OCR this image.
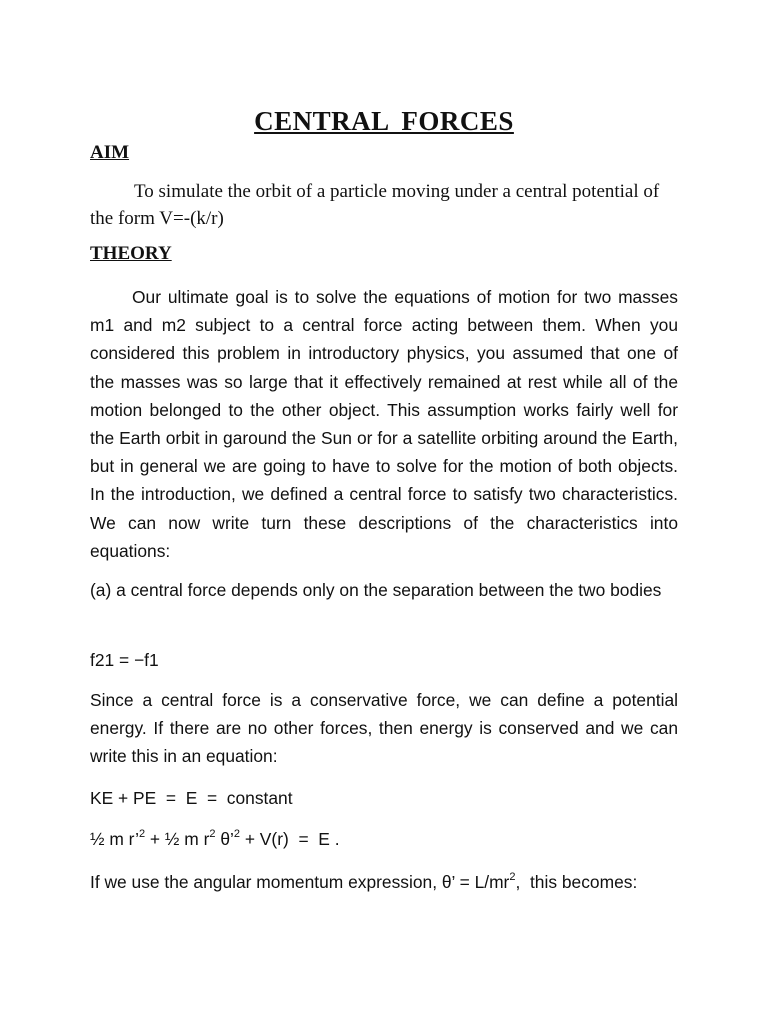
CENTRAL FORCES
AIM

To simulate the orbit of a particle moving under a central potential of the form V=-(k/r)

THEORY

Our ultimate goal is to solve the equations of motion for two masses m1 and m2 subject to a central force acting between them. When you considered this problem in introductory physics, you assumed that one of the masses was so large that it effectively remained at rest while all of the motion belonged to the other object. This assumption works fairly well for the Earth orbit in garound the Sun or for a satellite orbiting around the Earth, but in general we are going to have to solve for the motion of both objects. In the introduction, we defined a central force to satisfy two characteristics. We can now write turn these descriptions of the characteristics into equations:

(a) a central force depends only on the separation between the two bodies

f21 = −f1

Since a central force is a conservative force, we can define a potential energy. If there are no other forces, then energy is conserved and we can write this in an equation:

KE + PE  =  E  =  constant

½ m r’$^2$ + ½ m $r^2$ θ’$^2$ + V(r)  =  E .

If we use the angular momentum expression, θ’ = $L/mr^2$,  this becomes:
